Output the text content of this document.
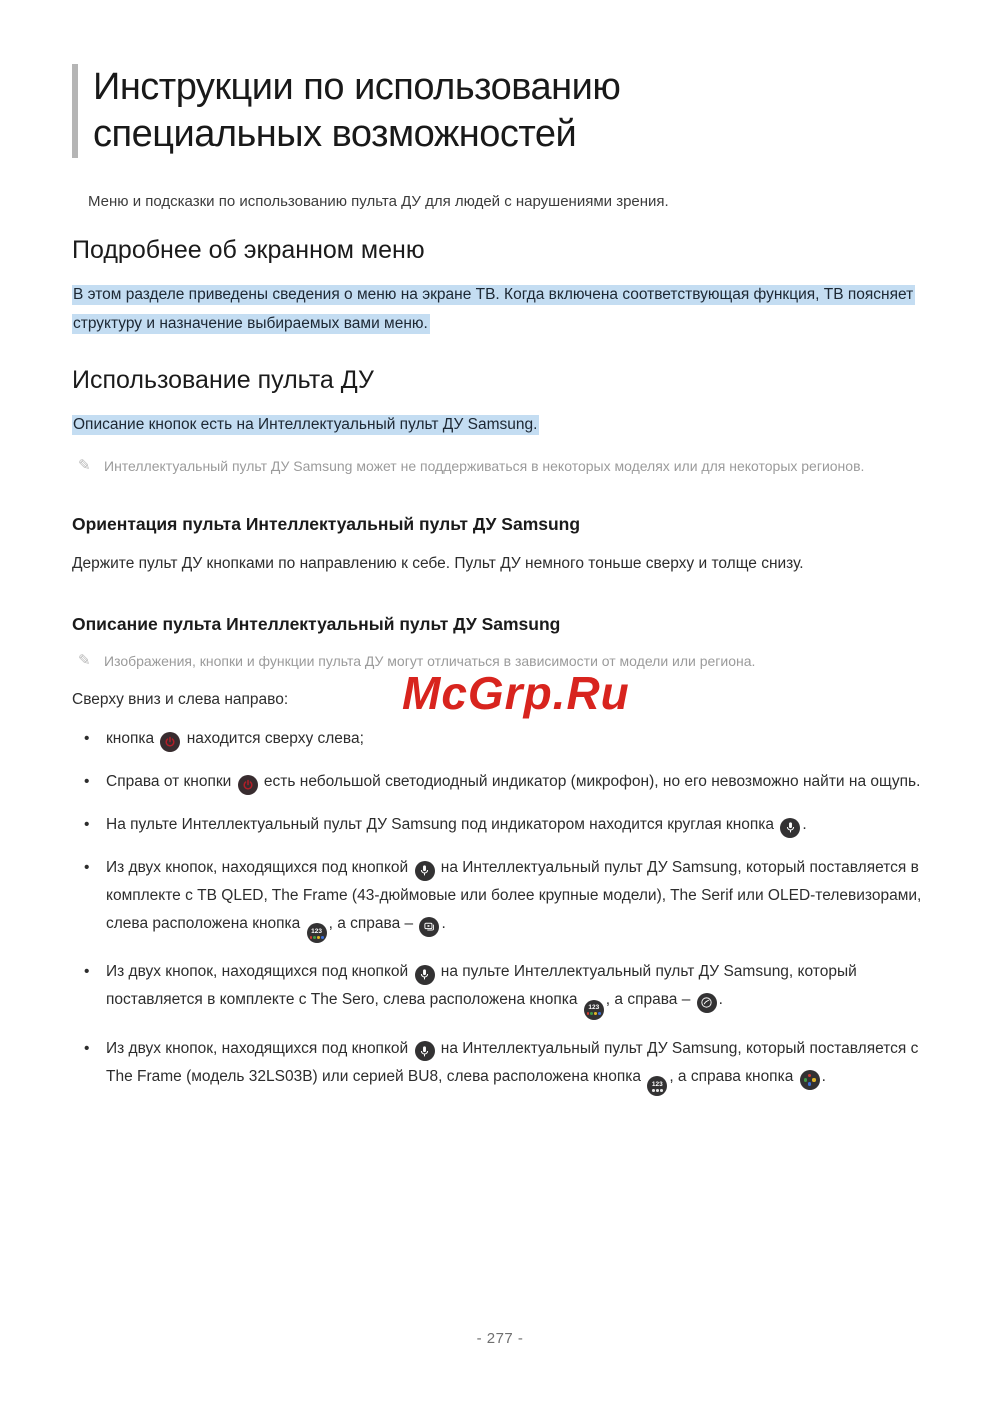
Инструкции по использованию
специальных возможностей

Меню и подсказки по использованию пульта ДУ для людей с нарушениями зрения.

Подробнее об экранном меню

В этом разделе приведены сведения о меню на экране ТВ. Когда включена соответствующая функция, ТВ поясняет структуру и назначение выбираемых вами меню.

Использование пульта ДУ

Описание кнопок есть на Интеллектуальный пульт ДУ Samsung.

✎ Интеллектуальный пульт ДУ Samsung может не поддерживаться в некоторых моделях или для некоторых регионов.
Ориентация пульта Интеллектуальный пульт ДУ Samsung

Держите пульт ДУ кнопками по направлению к себе. Пульт ДУ немного тоньше сверху и толще снизу.

Описание пульта Интеллектуальный пульт ДУ Samsung
✎ Изображения, кнопки и функции пульта ДУ могут отличаться в зависимости от модели или региона.

Сверху вниз и слева направо:

•	кнопка
находится сверху слева;
•	Справа от кнопки
есть небольшой светодиодный индикатор (микрофон), но его невозможно найти на ощупь.
•	На пульте Интеллектуальный пульт ДУ Samsung под индикатором находится круглая кнопка
.
•	Из двух кнопок, находящихся под кнопкой
на Интеллектуальный пульт ДУ Samsung, который поставляется в комплекте с ТВ QLED, The Frame (43-дюймовые или более крупные модели), The Serif или OLED-телевизорами, слева расположена кнопка 123 , а справа –
.
•	Из двух кнопок, находящихся под кнопкой
на пульте Интеллектуальный пульт ДУ Samsung, который поставляется в комплекте с The Sero, слева расположена кнопка 123 , а справа –
.
•	Из двух кнопок, находящихся под кнопкой
на Интеллектуальный пульт ДУ Samsung, который поставляется с The Frame (модель 32LS03B) или серией BU8, слева расположена кнопка 123 , а справа кнопка
.
McGrp.Ru
- 277 -
